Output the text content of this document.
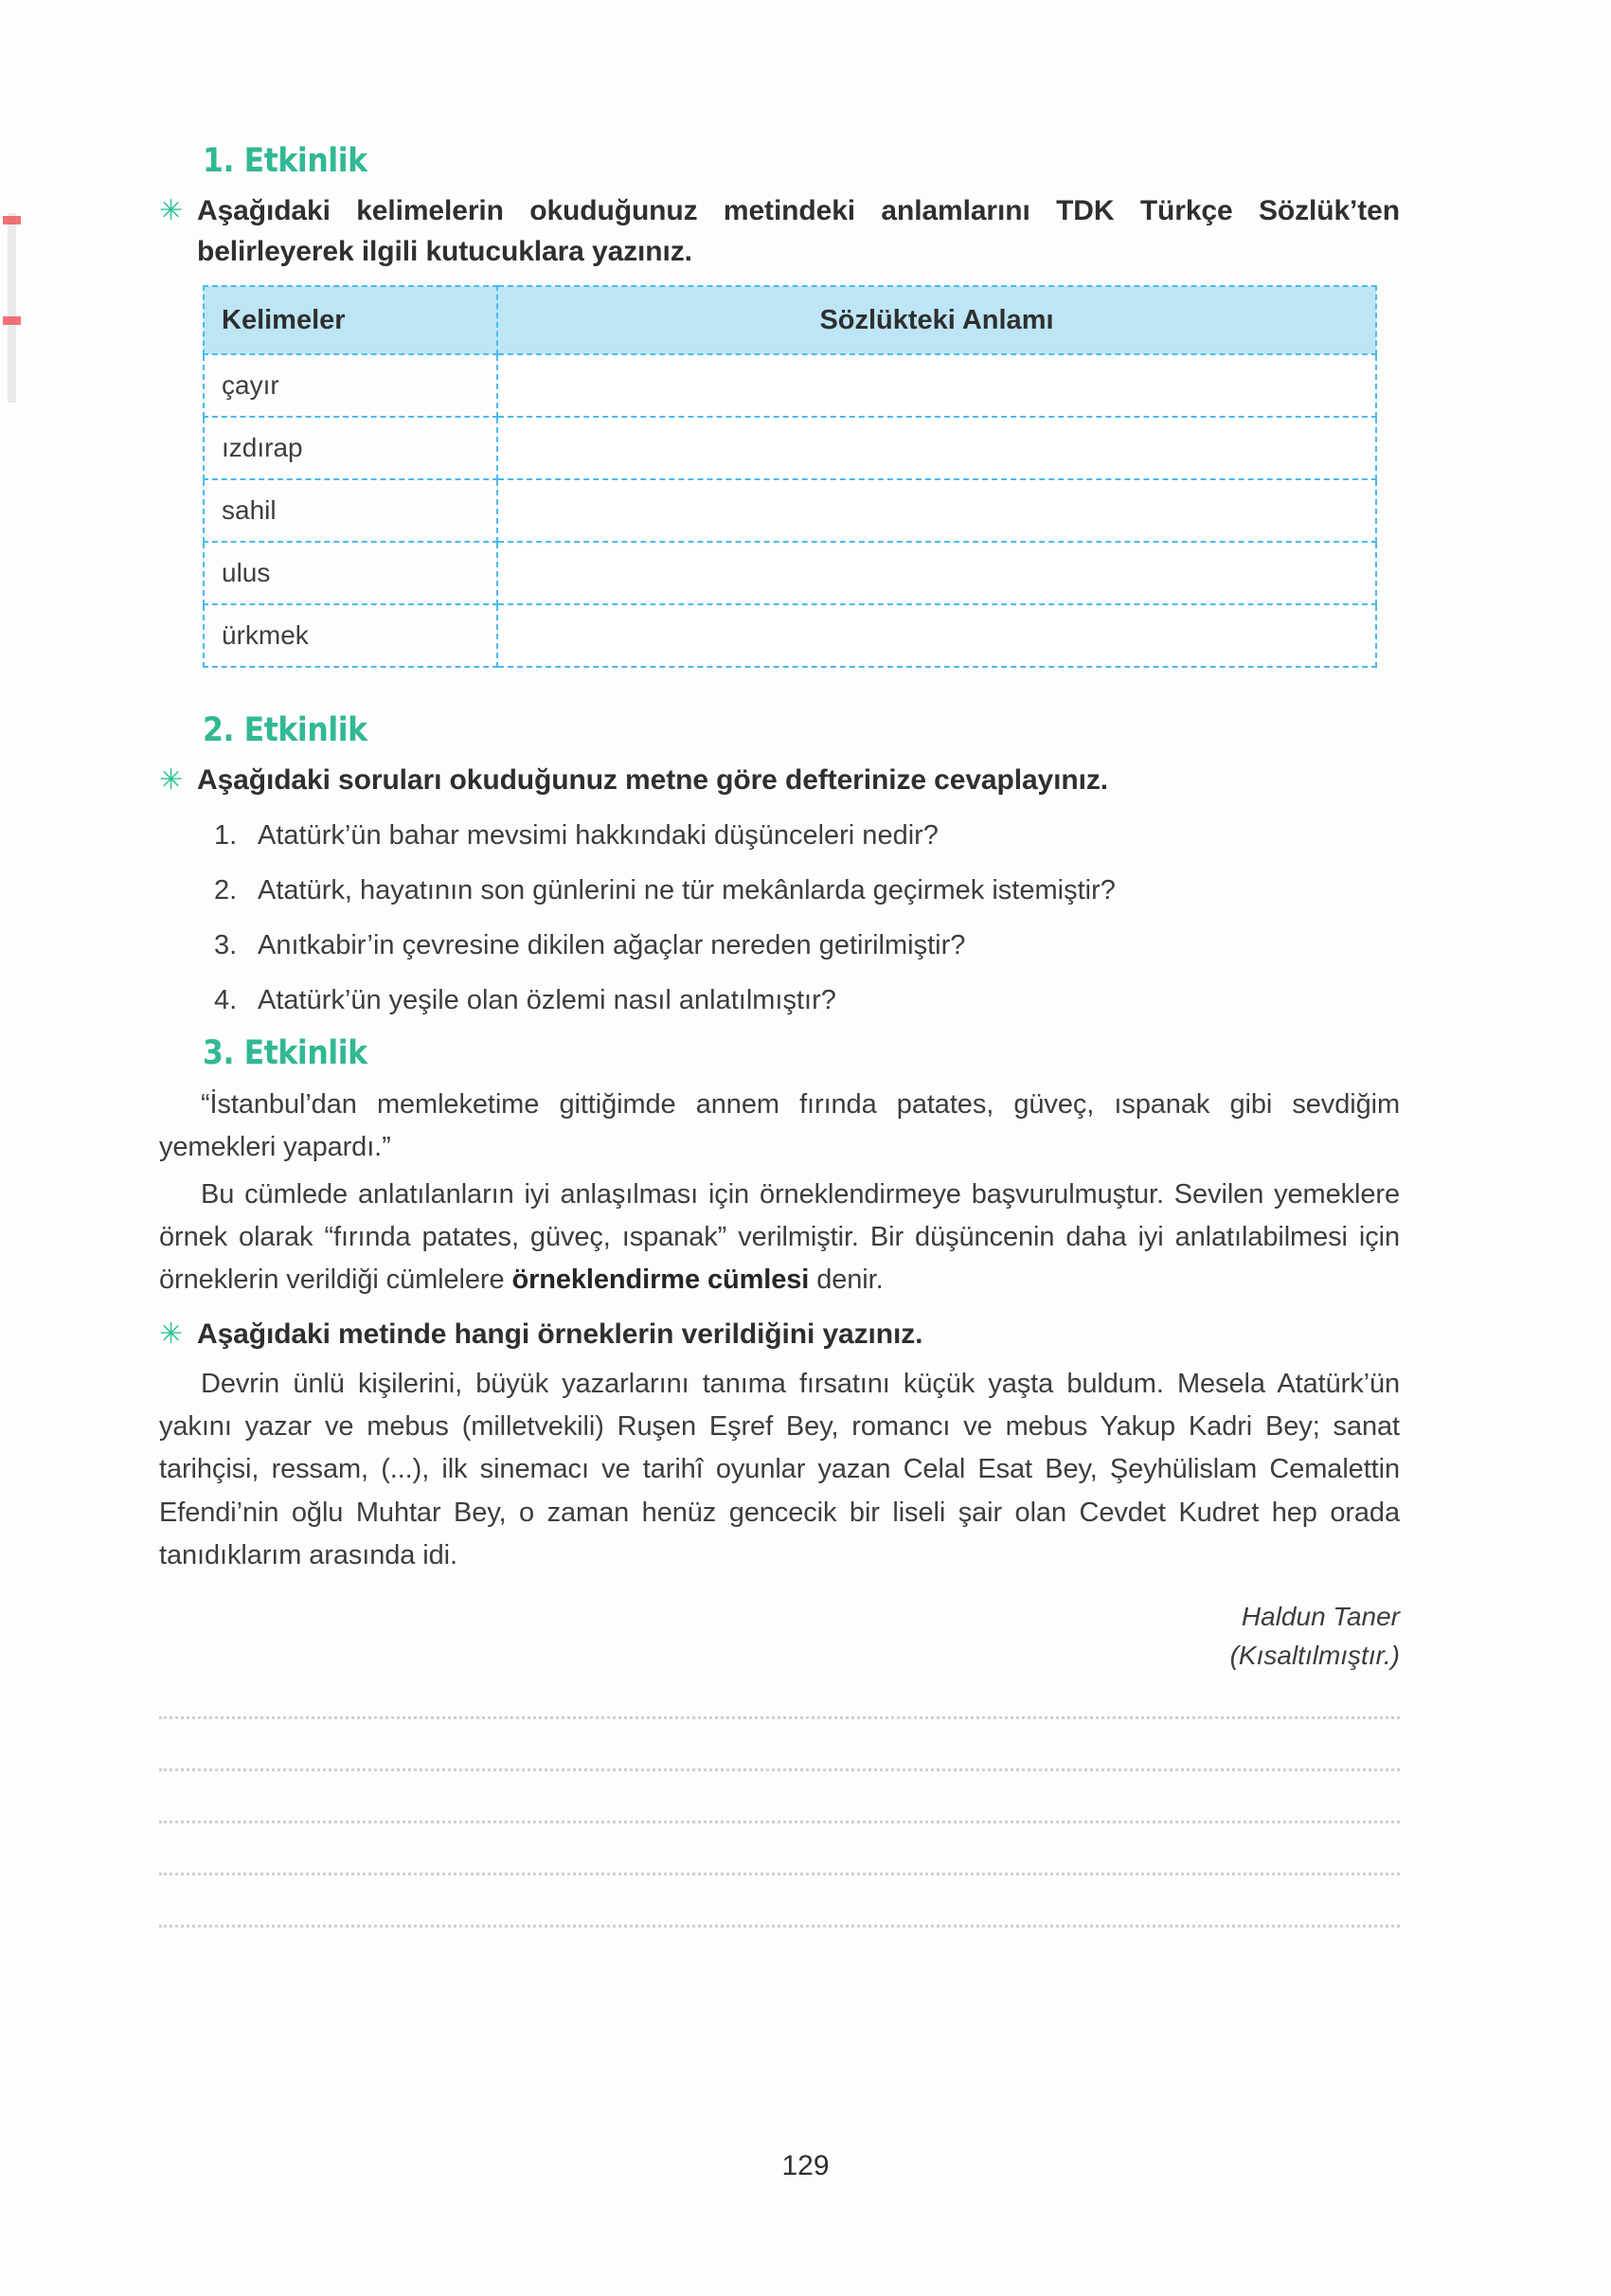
1. Etkinlik
✳ Aşağıdaki kelimelerin okuduğunuz metindeki anlamlarını TDK Türkçe Sözlük’ten belirleyerek ilgili kutucuklara yazınız.
Kelimeler	Sözlükteki Anlamı
çayır	
ızdırap	
sahil	
ulus	
ürkmek	
2. Etkinlik
✳ Aşağıdaki soruları okuduğunuz metne göre defterinize cevaplayınız.
Atatürk’ün bahar mevsimi hakkındaki düşünceleri nedir?
Atatürk, hayatının son günlerini ne tür mekânlarda geçirmek istemiştir?
Anıtkabir’in çevresine dikilen ağaçlar nereden getirilmiştir?
Atatürk’ün yeşile olan özlemi nasıl anlatılmıştır?
3. Etkinlik

“İstanbul’dan memleketime gittiğimde annem fırında patates, güveç, ıspanak gibi sevdiğim yemekleri yapardı.”

Bu cümlede anlatılanların iyi anlaşılması için örneklendirmeye başvurulmuştur. Sevilen yemeklere örnek olarak “fırında patates, güveç, ıspanak” verilmiştir. Bir düşüncenin daha iyi anlatılabilmesi için örneklerin verildiği cümlelere örneklendirme cümlesi denir.

✳ Aşağıdaki metinde hangi örneklerin verildiğini yazınız.

Devrin ünlü kişilerini, büyük yazarlarını tanıma fırsatını küçük yaşta buldum. Mesela Atatürk’ün yakını yazar ve mebus (milletvekili) Ruşen Eşref Bey, romancı ve mebus Yakup Kadri Bey; sanat tarihçisi, ressam, (...), ilk sinemacı ve tarihî oyunlar yazan Celal Esat Bey, Şeyhülislam Cemalettin Efendi’nin oğlu Muhtar Bey, o zaman henüz gencecik bir liseli şair olan Cevdet Kudret hep orada tanıdıklarım arasında idi.

Haldun Taner
(Kısaltılmıştır.)
129
